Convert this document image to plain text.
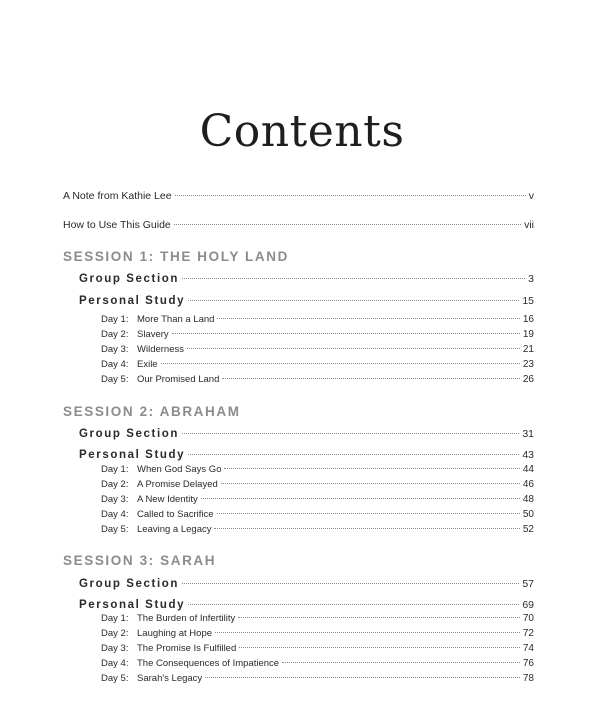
Contents
A Note from Kathie Lee	v
How to Use This Guide	vii
SESSION 1: THE HOLY LAND
Group Section	3
Personal Study	15
Day 1: More Than a Land	16
Day 2: Slavery	19
Day 3: Wilderness	21
Day 4: Exile	23
Day 5: Our Promised Land	26
SESSION 2: ABRAHAM
Group Section	31
Personal Study	43
Day 1: When God Says Go	44
Day 2: A Promise Delayed	46
Day 3: A New Identity	48
Day 4: Called to Sacrifice	50
Day 5: Leaving a Legacy	52
SESSION 3: SARAH
Group Section	57
Personal Study	69
Day 1: The Burden of Infertility	70
Day 2: Laughing at Hope	72
Day 3: The Promise Is Fulfilled	74
Day 4: The Consequences of Impatience	76
Day 5: Sarah's Legacy	78
